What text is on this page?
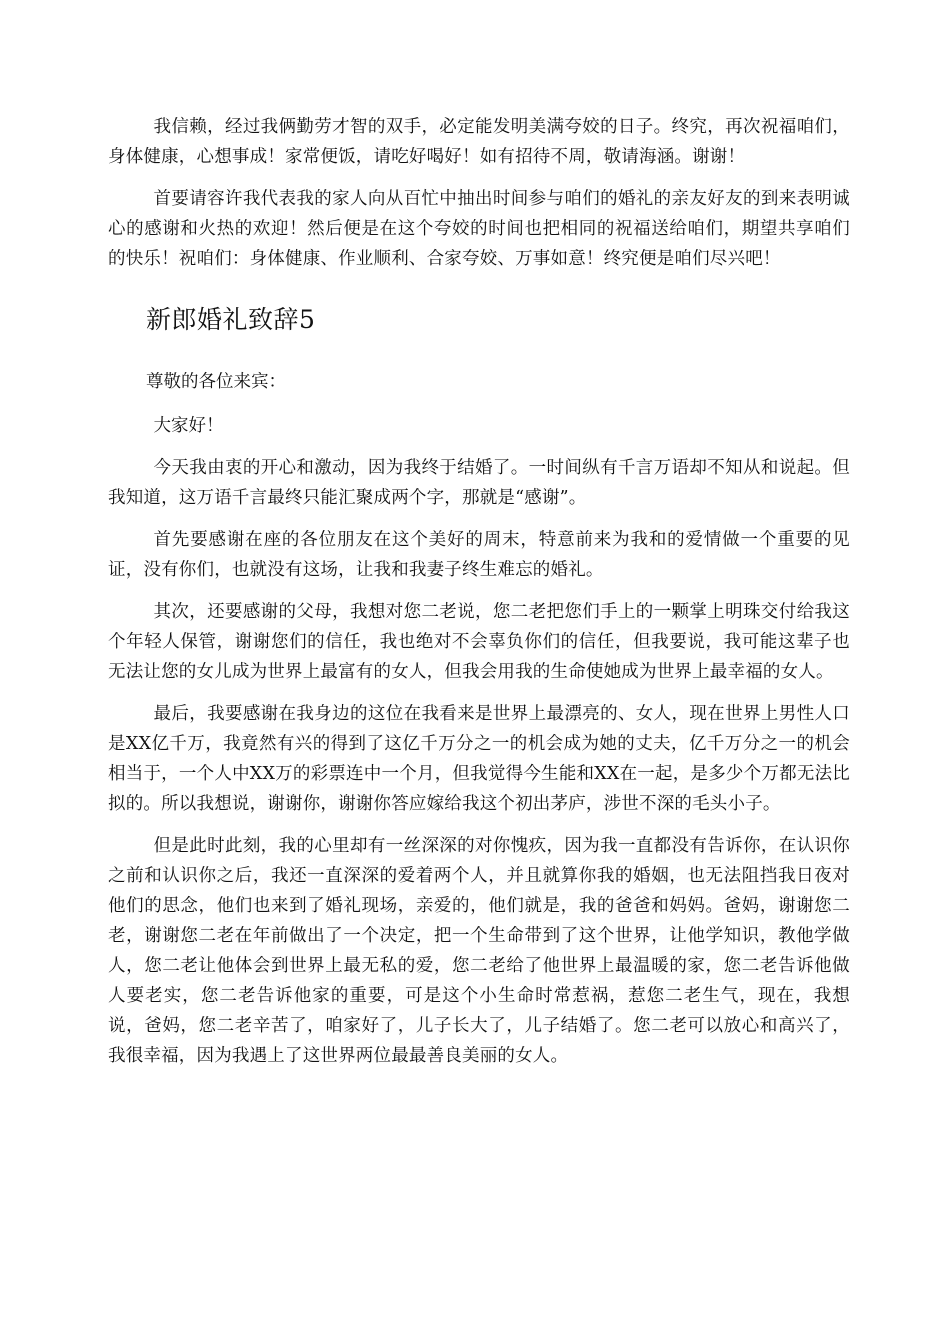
我信赖，经过我俩勤劳才智的双手，必定能发明美满夸姣的日子。终究，再次祝福咱们，身体健康，心想事成！家常便饭，请吃好喝好！如有招待不周，敬请海涵。谢谢！

首要请容许我代表我的家人向从百忙中抽出时间参与咱们的婚礼的亲友好友的到来表明诚心的感谢和火热的欢迎！然后便是在这个夸姣的时间也把相同的祝福送给咱们，期望共享咱们的快乐！祝咱们：身体健康、作业顺利、合家夸姣、万事如意！终究便是咱们尽兴吧！

新郎婚礼致辞5

尊敬的各位来宾：

大家好！

今天我由衷的开心和激动，因为我终于结婚了。一时间纵有千言万语却不知从和说起。但我知道，这万语千言最终只能汇聚成两个字，那就是“感谢”。

首先要感谢在座的各位朋友在这个美好的周末，特意前来为我和的爱情做一个重要的见证，没有你们，也就没有这场，让我和我妻子终生难忘的婚礼。

其次，还要感谢的父母，我想对您二老说，您二老把您们手上的一颗掌上明珠交付给我这个年轻人保管，谢谢您们的信任，我也绝对不会辜负你们的信任，但我要说，我可能这辈子也无法让您的女儿成为世界上最富有的女人，但我会用我的生命使她成为世界上最幸福的女人。

最后，我要感谢在我身边的这位在我看来是世界上最漂亮的、女人，现在世界上男性人口是XX亿千万，我竟然有兴的得到了这亿千万分之一的机会成为她的丈夫，亿千万分之一的机会相当于，一个人中XX万的彩票连中一个月，但我觉得今生能和XX在一起，是多少个万都无法比拟的。所以我想说，谢谢你，谢谢你答应嫁给我这个初出茅庐，涉世不深的毛头小子。

但是此时此刻，我的心里却有一丝深深的对你愧疚，因为我一直都没有告诉你，在认识你之前和认识你之后，我还一直深深的爱着两个人，并且就算你我的婚姻，也无法阻挡我日夜对他们的思念，他们也来到了婚礼现场，亲爱的，他们就是，我的爸爸和妈妈。爸妈，谢谢您二老，谢谢您二老在年前做出了一个决定，把一个生命带到了这个世界，让他学知识，教他学做人，您二老让他体会到世界上最无私的爱，您二老给了他世界上最温暖的家，您二老告诉他做人要老实，您二老告诉他家的重要，可是这个小生命时常惹祸，惹您二老生气，现在，我想说，爸妈，您二老辛苦了，咱家好了，儿子长大了，儿子结婚了。您二老可以放心和高兴了，我很幸福，因为我遇上了这世界两位最最善良美丽的女人。
